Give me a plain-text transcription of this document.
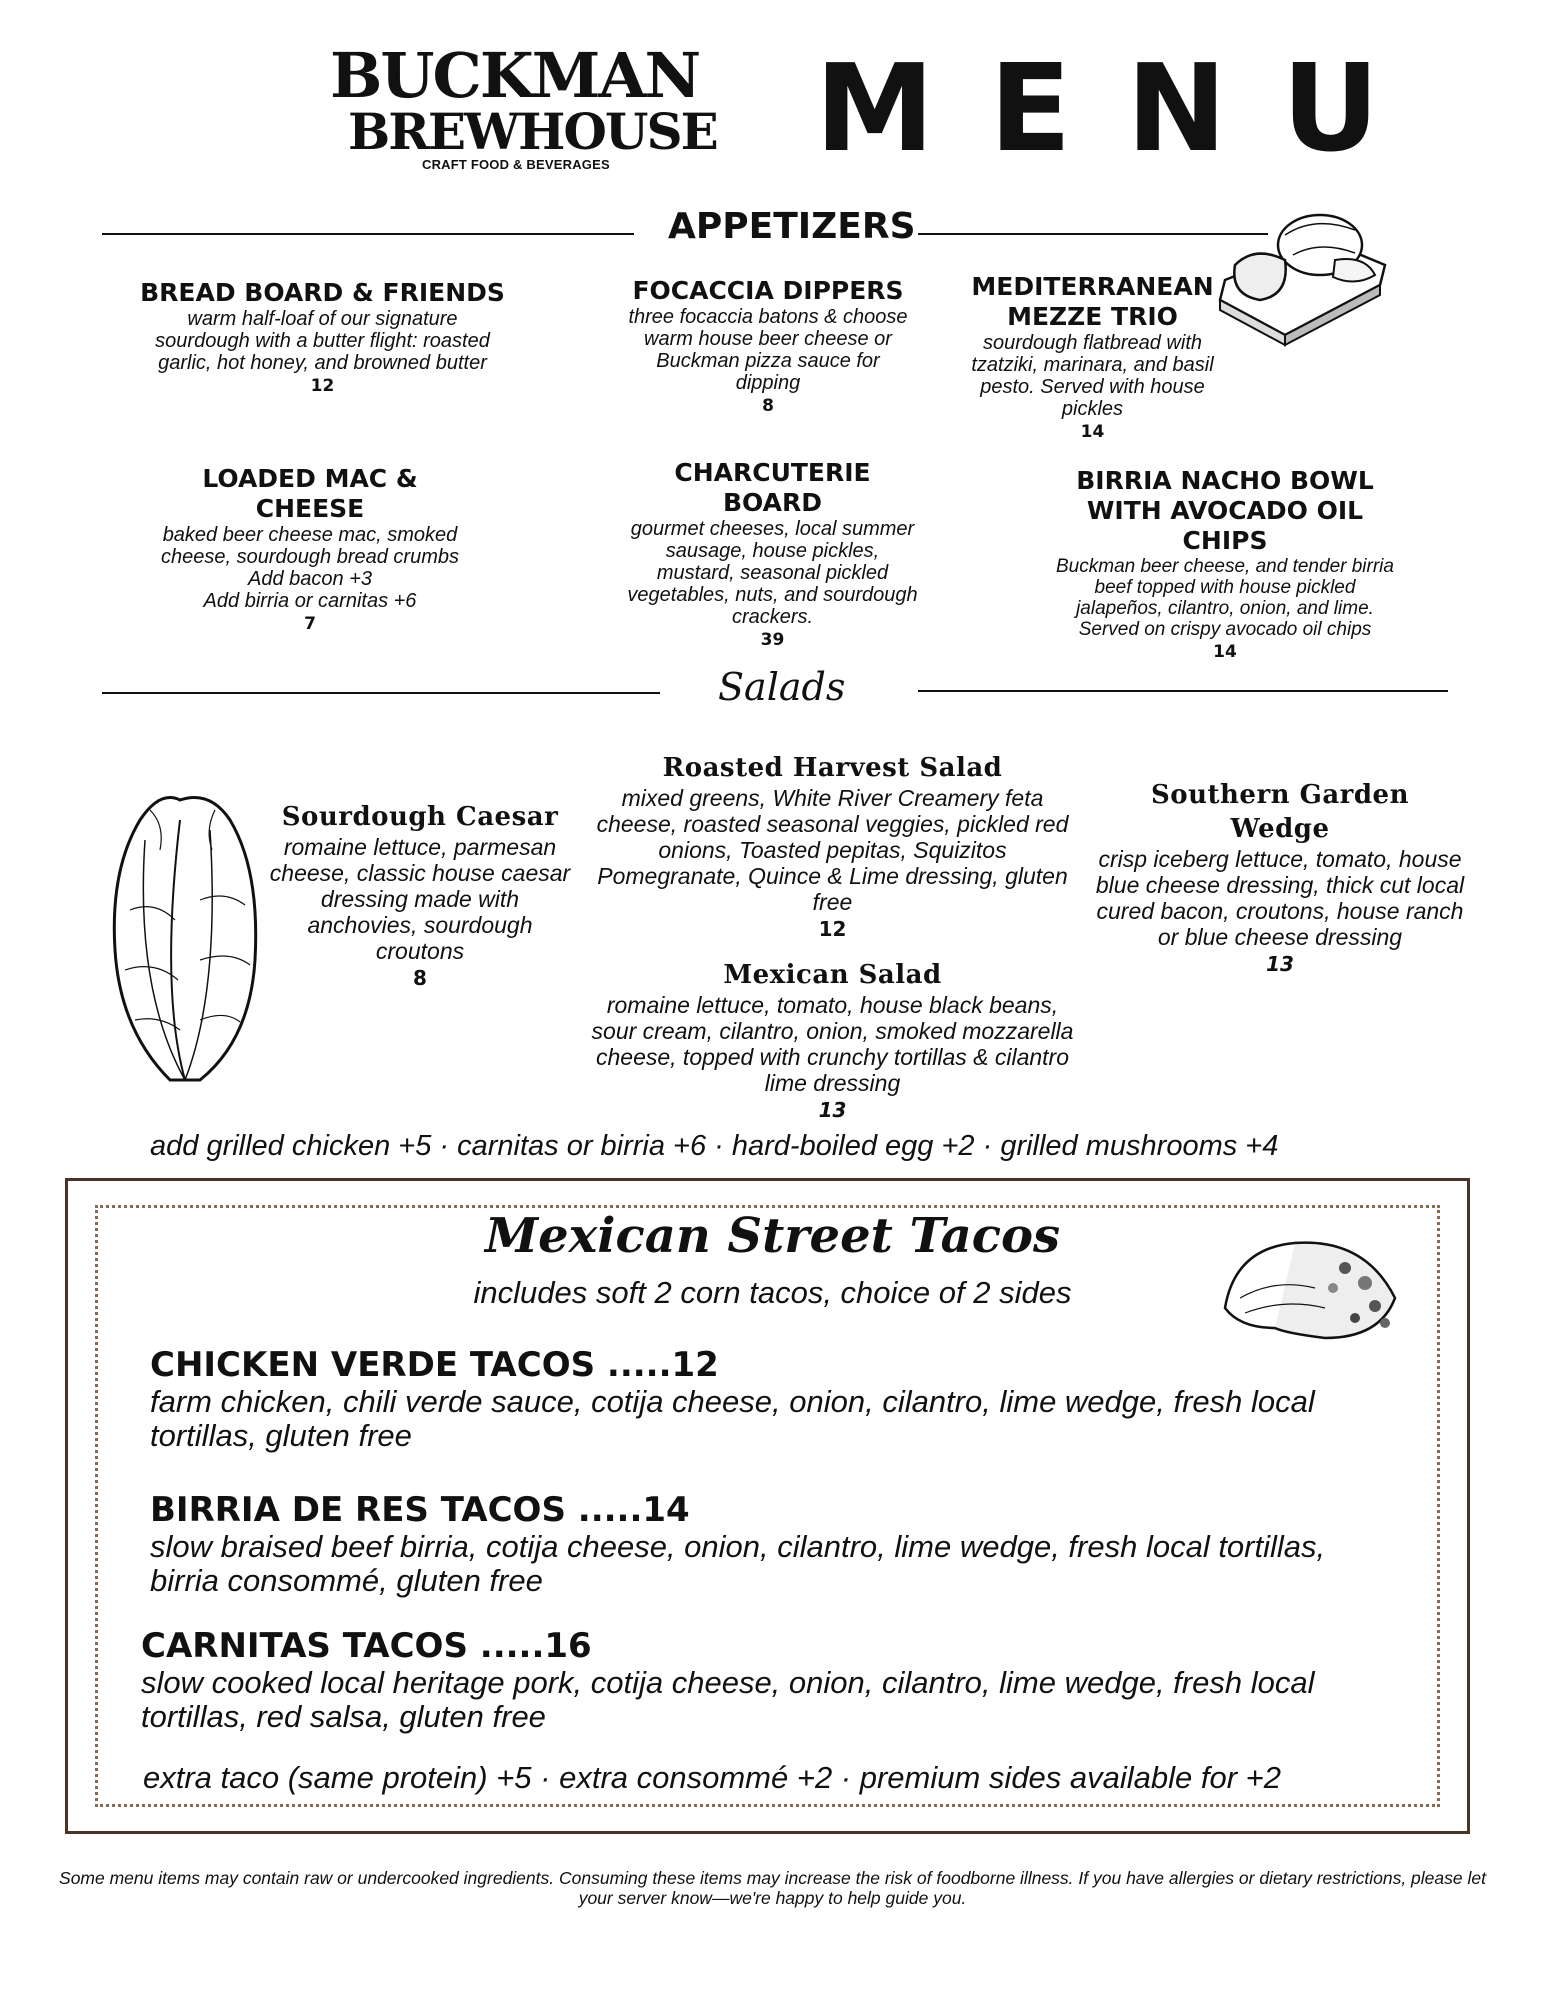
BUCKMAN
BREWHOUSE
CRAFT FOOD & BEVERAGES MENU
APPETIZERS
BREAD BOARD & FRIENDS
warm half-loaf of our signature sourdough with a butter flight: roasted garlic, hot honey, and browned butter
12
FOCACCIA DIPPERS
three focaccia batons & choose warm house beer cheese or Buckman pizza sauce for dipping
8
MEDITERRANEAN MEZZE TRIO
sourdough flatbread with tzatziki, marinara, and basil pesto. Served with house pickles
14
LOADED MAC & CHEESE
baked beer cheese mac, smoked cheese, sourdough bread crumbs
Add bacon +3
Add birria or carnitas +6
7
CHARCUTERIE BOARD
gourmet cheeses, local summer sausage, house pickles, mustard, seasonal pickled vegetables, nuts, and sourdough crackers.
39
BIRRIA NACHO BOWL WITH AVOCADO OIL CHIPS
Buckman beer cheese, and tender birria beef topped with house pickled jalapeños, cilantro, onion, and lime. Served on crispy avocado oil chips
14
Salads
Sourdough Caesar
romaine lettuce, parmesan cheese, classic house caesar dressing made with anchovies, sourdough croutons
8
Roasted Harvest Salad
mixed greens, White River Creamery feta cheese, roasted seasonal veggies, pickled red onions, Toasted pepitas, Squizitos Pomegranate, Quince & Lime dressing, gluten free
12
Mexican Salad
romaine lettuce, tomato, house black beans, sour cream, cilantro, onion, smoked mozzarella cheese, topped with crunchy tortillas & cilantro lime dressing
13
Southern Garden Wedge
crisp iceberg lettuce, tomato, house blue cheese dressing, thick cut local cured bacon, croutons, house ranch or blue cheese dressing
13
add grilled chicken +5 · carnitas or birria +6 · hard-boiled egg +2 · grilled mushrooms +4
Mexican Street Tacos
includes soft 2 corn tacos, choice of 2 sides
CHICKEN VERDE TACOS .....12
farm chicken, chili verde sauce, cotija cheese, onion, cilantro, lime wedge, fresh local tortillas, gluten free
BIRRIA DE RES TACOS .....14
slow braised beef birria, cotija cheese, onion, cilantro, lime wedge, fresh local tortillas, birria consommé, gluten free
CARNITAS TACOS .....16
slow cooked local heritage pork, cotija cheese, onion, cilantro, lime wedge, fresh local tortillas, red salsa, gluten free
extra taco (same protein) +5 · extra consommé +2 · premium sides available for +2
Some menu items may contain raw or undercooked ingredients. Consuming these items may increase the risk of foodborne illness. If you have allergies or dietary restrictions, please let your server know—we're happy to help guide you.
